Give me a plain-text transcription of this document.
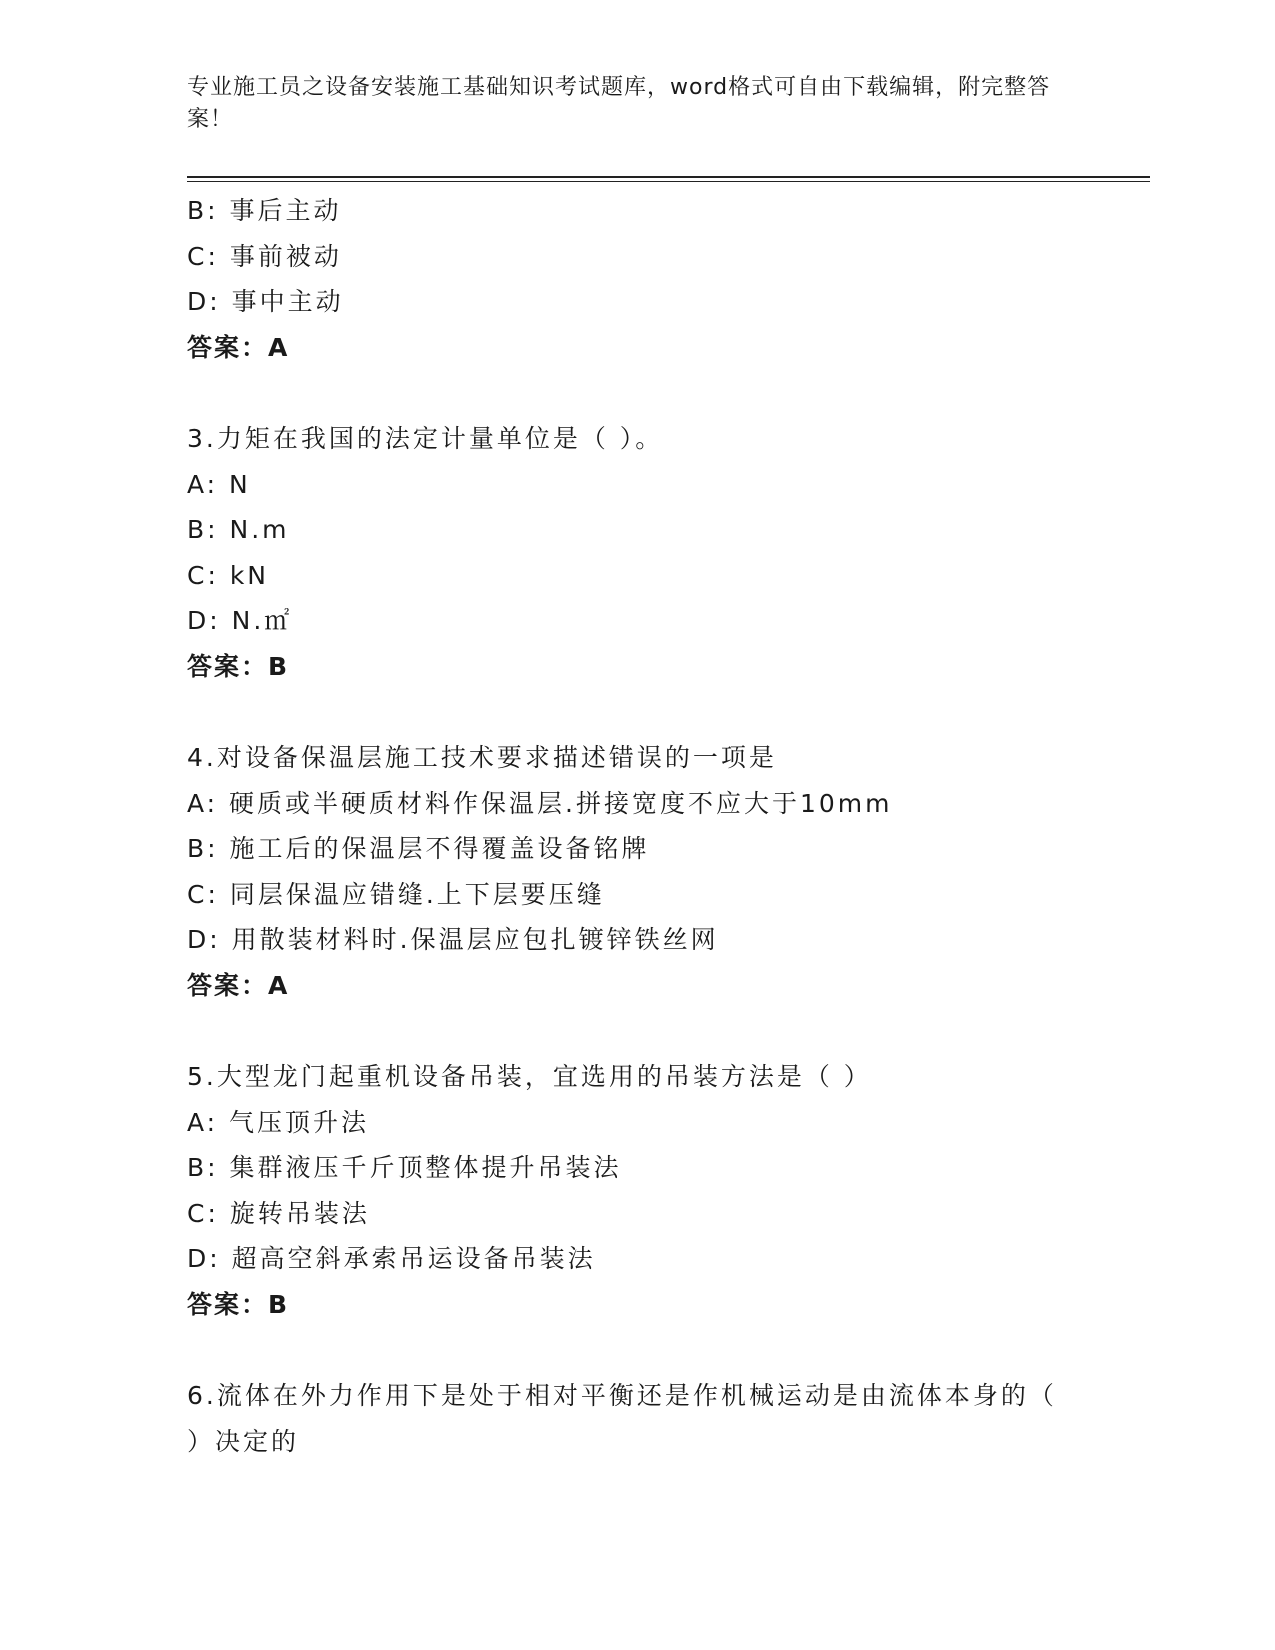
专业施工员之设备安装施工基础知识考试题库，word格式可自由下载编辑，附完整答案！
B: 事后主动
C: 事前被动
D: 事中主动
答案：A
3.力矩在我国的法定计量单位是（ ）。
A: N
B: N.m
C: kN
D: N.㎡
答案：B
4.对设备保温层施工技术要求描述错误的一项是
A: 硬质或半硬质材料作保温层.拼接宽度不应大于10mm
B: 施工后的保温层不得覆盖设备铭牌
C: 同层保温应错缝.上下层要压缝
D: 用散装材料时.保温层应包扎镀锌铁丝网
答案：A
5.大型龙门起重机设备吊装，宜选用的吊装方法是（ ）
A: 气压顶升法
B: 集群液压千斤顶整体提升吊装法
C: 旋转吊装法
D: 超高空斜承索吊运设备吊装法
答案：B
6.流体在外力作用下是处于相对平衡还是作机械运动是由流体本身的（ ）决定的
